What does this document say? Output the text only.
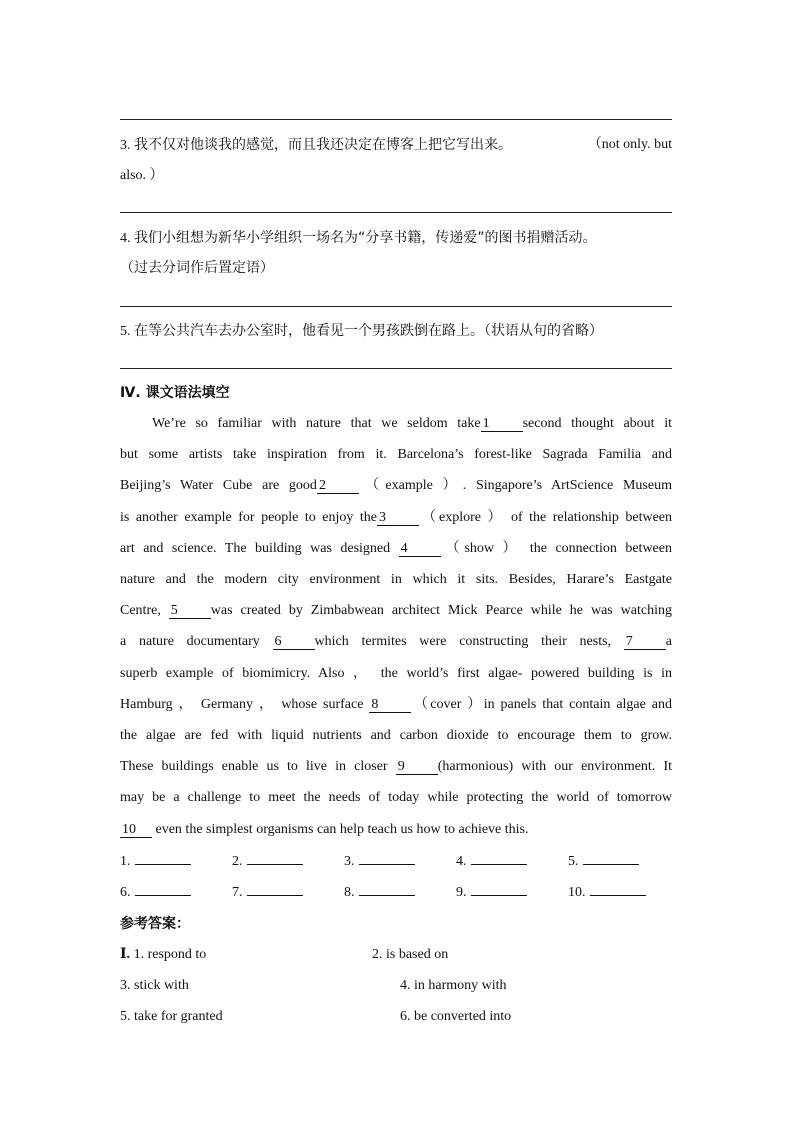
3. 我不仅对他谈我的感觉，而且我还决定在博客上把它写出来。	（not only. but
also. ）
4. 我们小组想为新华小学组织一场名为“分享书籍，传递爱”的图书捐赠活动。
（过去分词作后置定语）
5. 在等公共汽车去办公室时，他看见一个男孩跌倒在路上。（状语从句的省略）
Ⅳ. 课文语法填空
We’re so familiar with nature that we seldom take 1 second thought about it
but some artists take inspiration from it. Barcelona’s forest-like Sagrada Familia and
Beijing’s Water Cube are good 2 （example ）. Singapore’s ArtScience Museum
is another example for people to enjoy the 3 （explore ） of the relationship between
art and science. The building was designed 4 （show ） the connection between
nature and the modern city environment in which it sits. Besides, Harare’s Eastgate
Centre, 5 was created by Zimbabwean architect Mick Pearce while he was watching
a nature documentary 6 which termites were constructing their nests, 7 a
superb example of biomimicry. Also ， the world’s first algae- powered building is in
Hamburg ， Germany ， whose surface 8 （cover ）in panels that contain algae and
the algae are fed with liquid nutrients and carbon dioxide to encourage them to grow.
These buildings enable us to live in closer 9 (harmonious) with our environment. It
may be a challenge to meet the needs of today while protecting the world of tomorrow
10 even the simplest organisms can help teach us how to achieve this.
1.	2.	3.	4.	5.
6.	7.	8.	9.	10.
参考答案：
Ⅰ. 1. respond to	2. is based on
3. stick with	4. in harmony with
5. take for granted	6. be converted into
